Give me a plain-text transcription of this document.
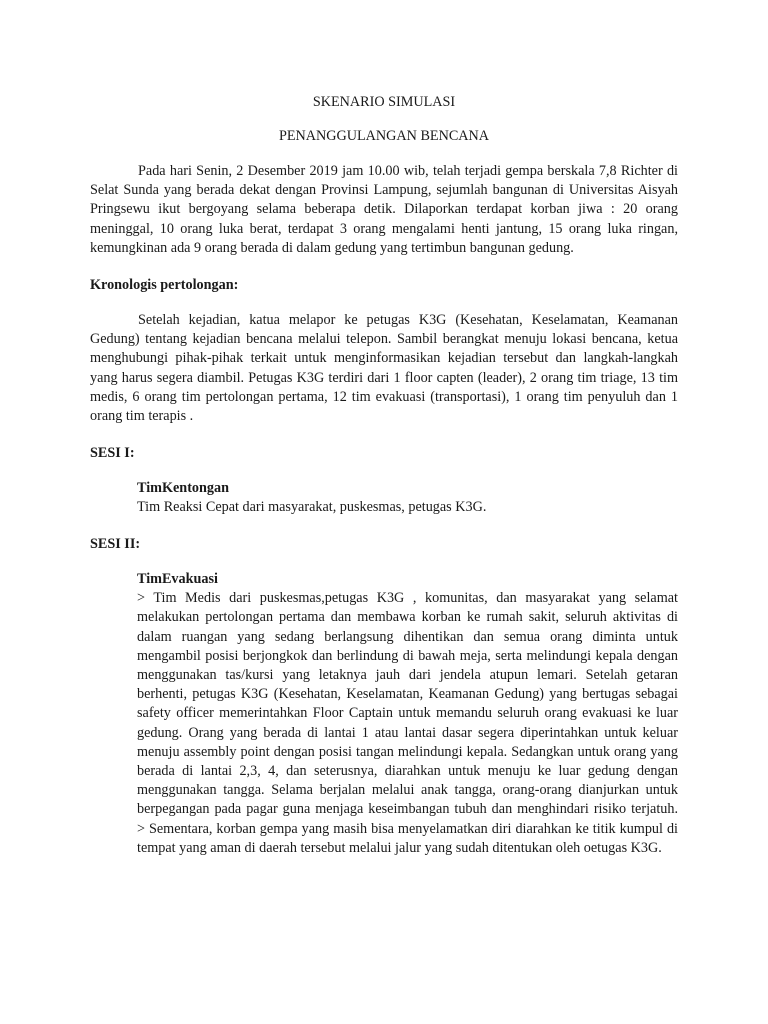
SKENARIO SIMULASI

PENANGGULANGAN BENCANA

Pada hari Senin, 2 Desember 2019 jam 10.00 wib, telah terjadi gempa berskala 7,8 Richter di Selat Sunda yang berada dekat dengan Provinsi Lampung, sejumlah bangunan di Universitas Aisyah Pringsewu ikut bergoyang selama beberapa detik. Dilaporkan terdapat korban jiwa : 20 orang meninggal, 10 orang luka berat, terdapat 3 orang mengalami henti jantung, 15 orang luka ringan, kemungkinan ada 9 orang berada di dalam gedung yang tertimbun bangunan gedung.

Kronologis pertolongan:

Setelah kejadian, katua melapor ke petugas K3G (Kesehatan, Keselamatan, Keamanan Gedung) tentang kejadian bencana melalui telepon. Sambil berangkat menuju lokasi bencana, ketua menghubungi pihak-pihak terkait untuk menginformasikan kejadian tersebut dan langkah-langkah yang harus segera diambil. Petugas K3G terdiri dari 1 floor capten (leader), 2 orang tim triage, 13 tim medis, 6 orang tim pertolongan pertama, 12 tim evakuasi (transportasi), 1 orang tim penyuluh dan 1 orang tim terapis .

SESI I:

TimKentongan

Tim Reaksi Cepat dari masyarakat, puskesmas, petugas K3G.

SESI II:

TimEvakuasi

> Tim Medis dari puskesmas,petugas K3G , komunitas, dan masyarakat yang selamat melakukan pertolongan pertama dan membawa korban ke rumah sakit, seluruh aktivitas di dalam ruangan yang sedang berlangsung dihentikan dan semua orang diminta untuk mengambil posisi berjongkok dan berlindung di bawah meja, serta melindungi kepala dengan menggunakan tas/kursi yang letaknya jauh dari jendela atupun lemari. Setelah getaran berhenti, petugas K3G (Kesehatan, Keselamatan, Keamanan Gedung) yang bertugas sebagai safety officer memerintahkan Floor Captain untuk memandu seluruh orang evakuasi ke luar gedung. Orang yang berada di lantai 1 atau lantai dasar segera diperintahkan untuk keluar menuju assembly point dengan posisi tangan melindungi kepala. Sedangkan untuk orang yang berada di lantai 2,3, 4, dan seterusnya, diarahkan untuk menuju ke luar gedung dengan menggunakan tangga. Selama berjalan melalui anak tangga, orang-orang dianjurkan untuk berpegangan pada pagar guna menjaga keseimbangan tubuh dan menghindari risiko terjatuh.

> Sementara, korban gempa yang masih bisa menyelamatkan diri diarahkan ke titik kumpul di tempat yang aman di daerah tersebut melalui jalur yang sudah ditentukan oleh oetugas K3G.
